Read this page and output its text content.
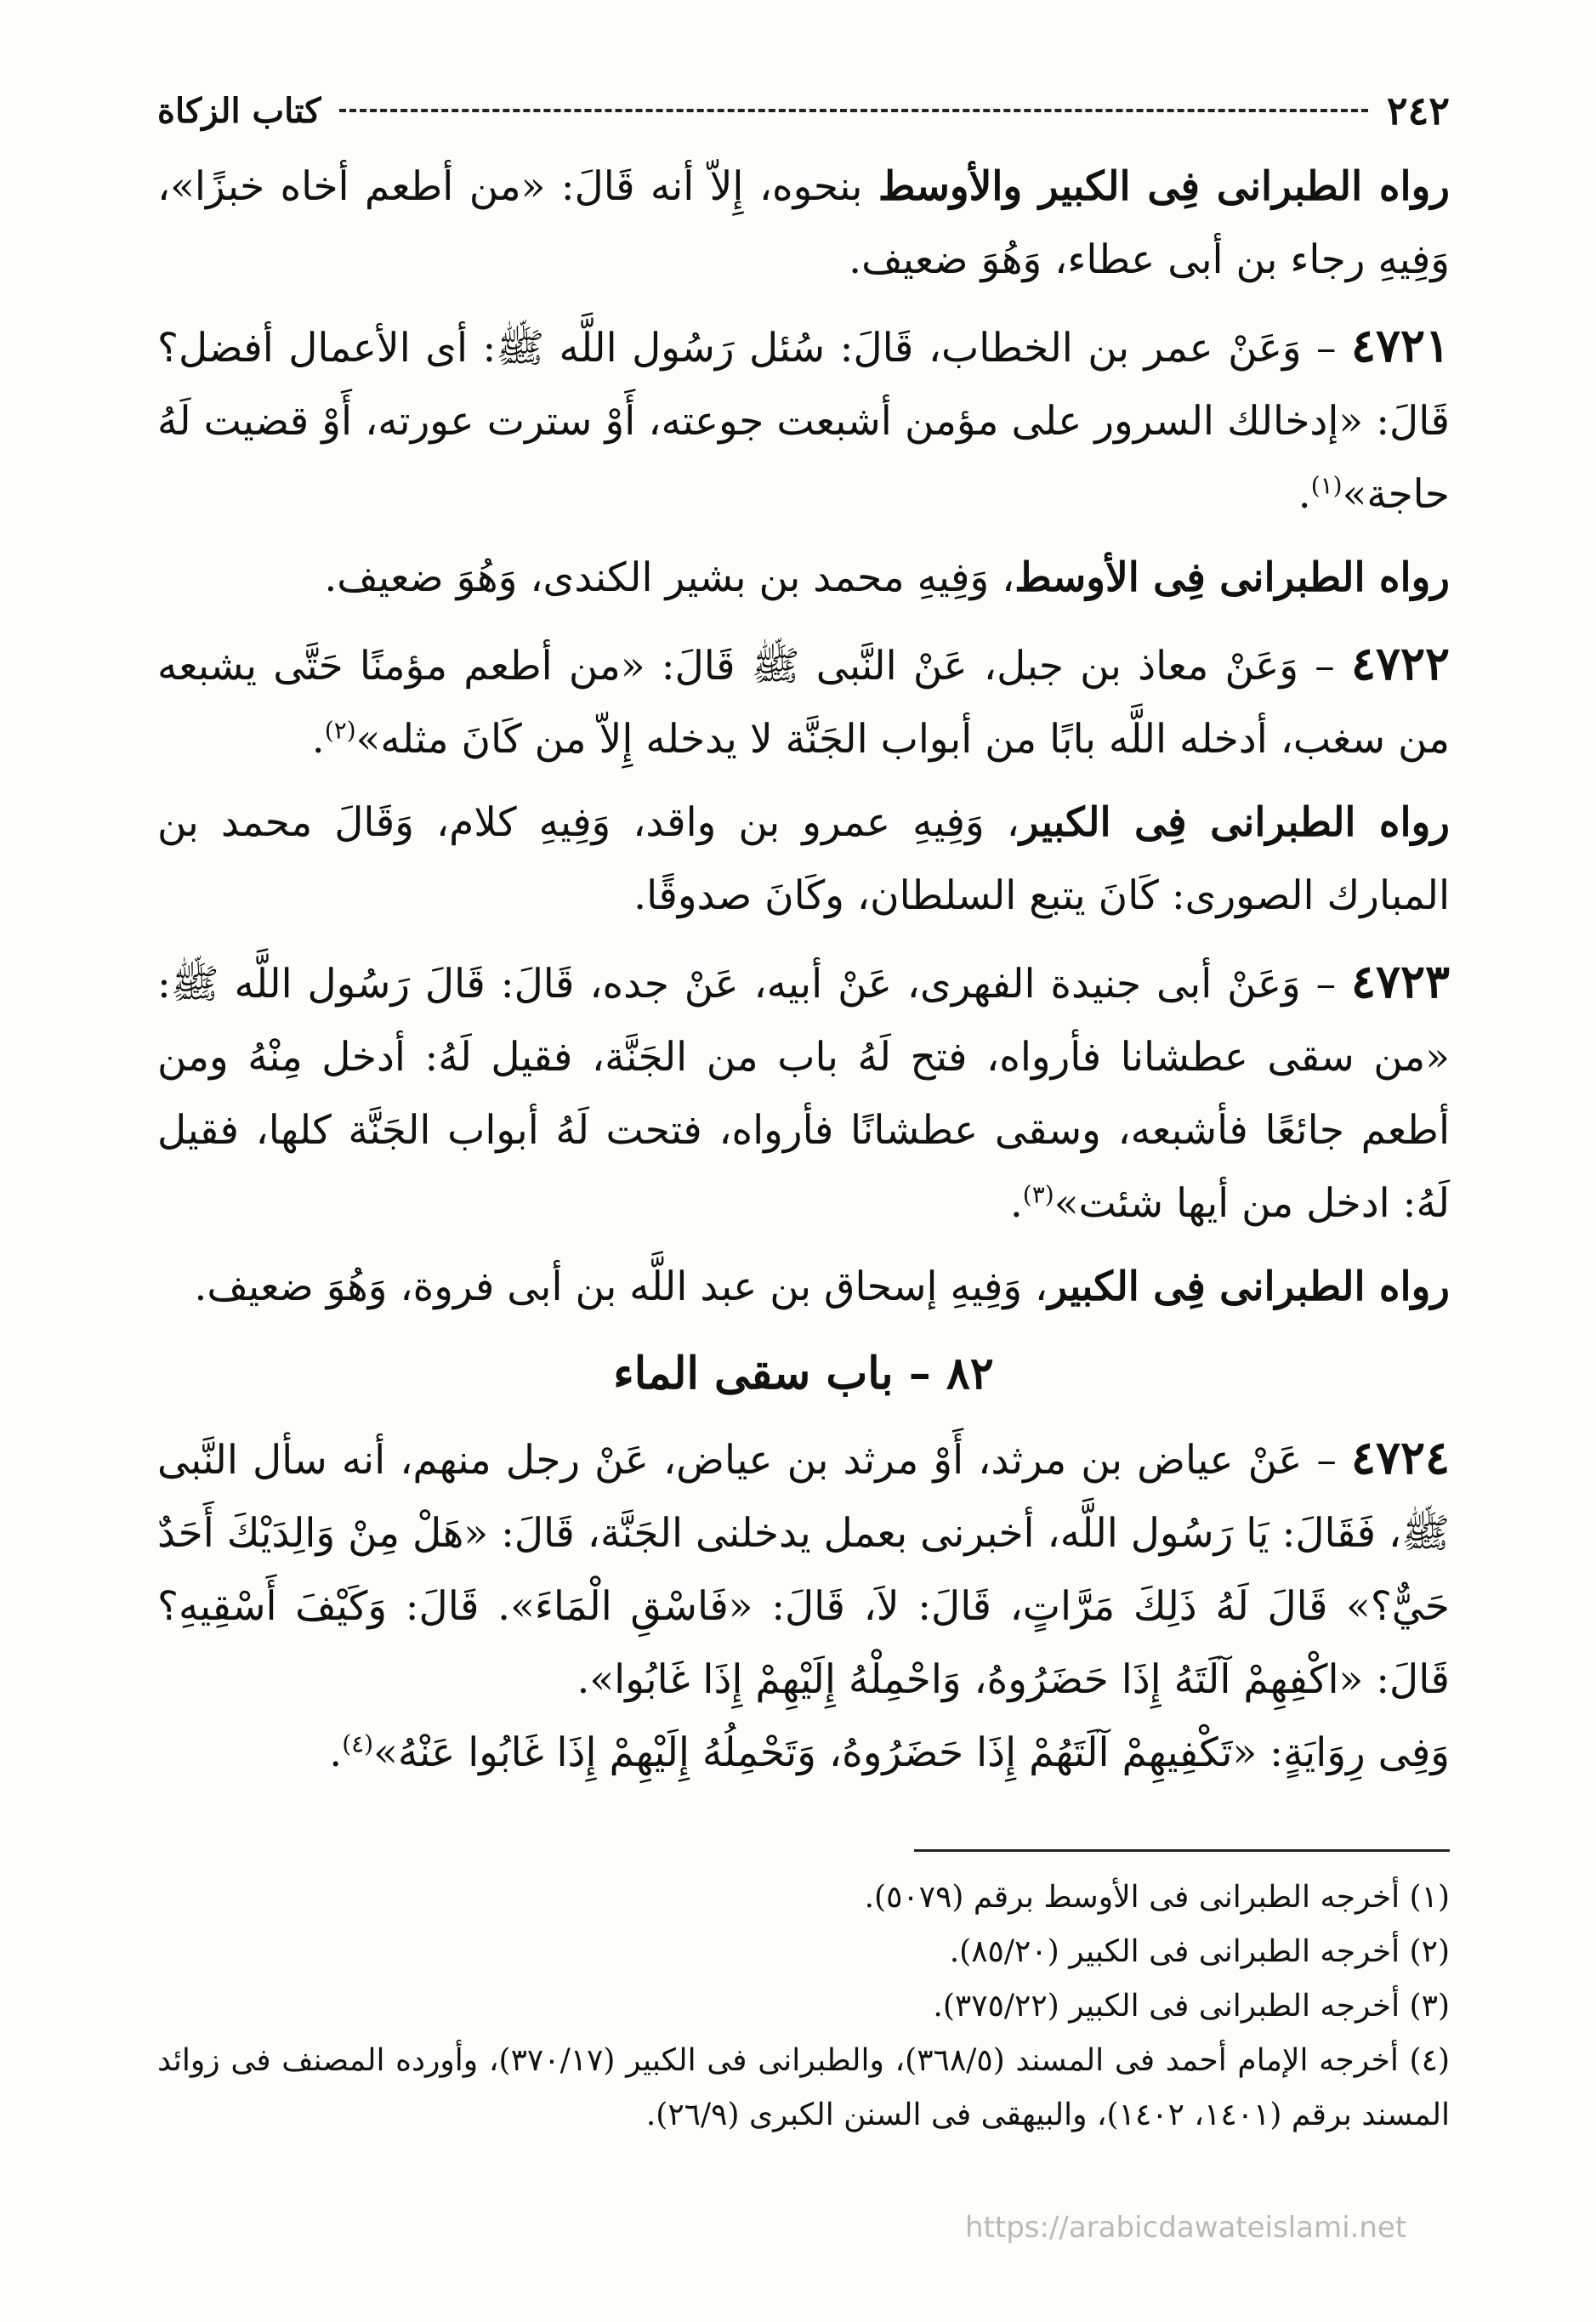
٢٤٢
كتاب الزكاة

رواه الطبرانى فِى الكبير والأوسط بنحوه، إِلاّ أنه قَالَ: «من أطعم أخاه خبزًا»، وَفِيهِ رجاء بن أبى عطاء، وَهُوَ ضعيف.

٤٧٢١ – وَعَنْ عمر بن الخطاب، قَالَ: سُئل رَسُول اللَّه ﷺ: أى الأعمال أفضل؟ قَالَ: «إدخالك السرور على مؤمن أشبعت جوعته، أَوْ سترت عورته، أَوْ قضيت لَهُ حاجة»$^{(١)}$.

رواه الطبرانى فِى الأوسط، وَفِيهِ محمد بن بشير الكندى، وَهُوَ ضعيف.

٤٧٢٢ – وَعَنْ معاذ بن جبل، عَنْ النَّبى ﷺ قَالَ: «من أطعم مؤمنًا حَتَّى يشبعه من سغب، أدخله اللَّه بابًا من أبواب الجَنَّة لا يدخله إِلاّ من كَانَ مثله»$^{(٢)}$.

رواه الطبرانى فِى الكبير، وَفِيهِ عمرو بن واقد، وَفِيهِ كلام، وَقَالَ محمد بن المبارك الصورى: كَانَ يتبع السلطان، وكَانَ صدوقًا.

٤٧٢٣ – وَعَنْ أبى جنيدة الفهرى، عَنْ أبيه، عَنْ جده، قَالَ: قَالَ رَسُول اللَّه ﷺ: «من سقى عطشانا فأرواه، فتح لَهُ باب من الجَنَّة، فقيل لَهُ: أدخل مِنْهُ ومن أطعم جائعًا فأشبعه، وسقى عطشانًا فأرواه، فتحت لَهُ أبواب الجَنَّة كلها، فقيل لَهُ: ادخل من أيها شئت»$^{(٣)}$.

رواه الطبرانى فِى الكبير، وَفِيهِ إسحاق بن عبد اللَّه بن أبى فروة، وَهُوَ ضعيف.

٨٢ – باب سقى الماء

٤٧٢٤ – عَنْ عياض بن مرثد، أَوْ مرثد بن عياض، عَنْ رجل منهم، أنه سأل النَّبى ﷺ، فَقَالَ: يَا رَسُول اللَّه، أخبرنى بعمل يدخلنى الجَنَّة، قَالَ: «هَلْ مِنْ وَالِدَيْكَ أَحَدٌ حَيٌّ؟» قَالَ لَهُ ذَلِكَ مَرَّاتٍ، قَالَ: لاَ، قَالَ: «فَاسْقِ الْمَاءَ». قَالَ: وَكَيْفَ أَسْقِيهِ؟ قَالَ: «اكْفِهِمْ آلَتَهُ إِذَا حَضَرُوهُ، وَاحْمِلْهُ إِلَيْهِمْ إِذَا غَابُوا».

وَفِى رِوَايَةٍ: «تَكْفِيهِمْ آلَتَهُمْ إِذَا حَضَرُوهُ، وَتَحْمِلُهُ إِلَيْهِمْ إِذَا غَابُوا عَنْهُ»$^{(٤)}$.

(١) أخرجه الطبرانى فى الأوسط برقم (٥٠٧٩).

(٢) أخرجه الطبرانى فى الكبير (٨٥/٢٠).

(٣) أخرجه الطبرانى فى الكبير (٣٧٥/٢٢).

(٤) أخرجه الإمام أحمد فى المسند (٣٦٨/٥)، والطبرانى فى الكبير (٣٧٠/١٧)، وأورده المصنف فى زوائد المسند برقم (١٤٠١، ١٤٠٢)، والبيهقى فى السنن الكبرى (٢٦/٩).

https://arabicdawateislami.net
